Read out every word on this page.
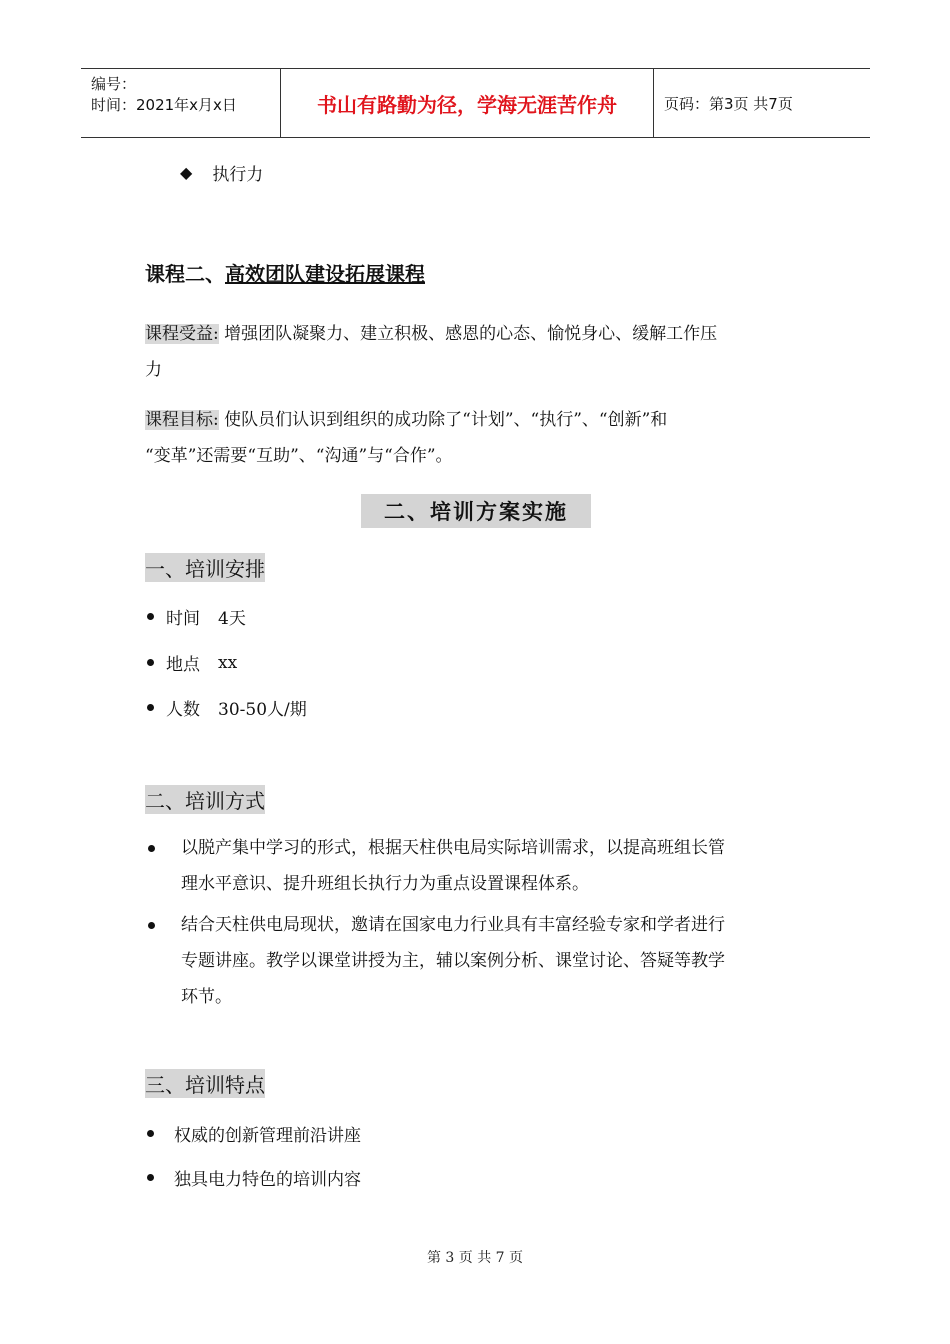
编号：
时间：2021年x月x日	书山有路勤为径，学海无涯苦作舟	页码：第3页 共7页
◆ 执行力
课程二、高效团队建设拓展课程
课程受益: 增强团队凝聚力、建立积极、感恩的心态、愉悦身心、缓解工作压
力
课程目标: 使队员们认识到组织的成功除了“计划”、“执行”、“创新”和
“变革”还需要“互助”、“沟通”与“合作”。
二、培训方案实施
一、培训安排
时间 4天
地点 xx
人数 30-50人/期
二、培训方式
以脱产集中学习的形式，根据天柱供电局实际培训需求，以提高班组长管
理水平意识、提升班组长执行力为重点设置课程体系。
结合天柱供电局现状，邀请在国家电力行业具有丰富经验专家和学者进行
专题讲座。教学以课堂讲授为主，辅以案例分析、课堂讨论、答疑等教学
环节。
三、培训特点
权威的创新管理前沿讲座
独具电力特色的培训内容
第 3 页 共 7 页
